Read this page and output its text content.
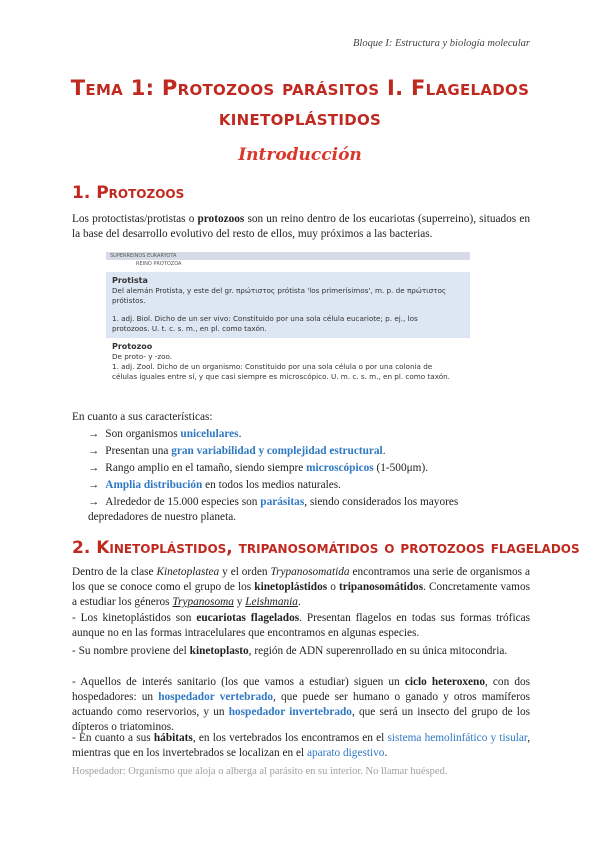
Bloque I: Estructura y biología molecular
Tema 1: Protozoos parásitos I. Flagelados
kinetoplástidos
Introducción
1. Protozoos
Los protoctistas/protistas o protozoos son un reino dentro de los eucariotas (superreino), situados en la base del desarrollo evolutivo del resto de ellos, muy próximos a las bacterias.
SUPERREINOS EUKARYOTA
REINO PROTOZOA
Protista
Del alemán Protista, y este del gr. πρώτιστος prótista 'los primerísimos', m. p. de πρώτιστος
prótistos.
1. adj. Biol. Dicho de un ser vivo: Constituido por una sola célula eucariote; p. ej., los
protozoos. U. t. c. s. m., en pl. como taxón.
Protozoo
De proto- y -zoo.
1. adj. Zool. Dicho de un organismo: Constituido por una sola célula o por una colonia de
células iguales entre sí, y que casi siempre es microscópico. U. m. c. s. m., en pl. como taxón.
En cuanto a sus características:
→ Son organismos unicelulares.
→ Presentan una gran variabilidad y complejidad estructural.
→ Rango amplio en el tamaño, siendo siempre microscópicos (1-500μm).
→ Amplia distribución en todos los medios naturales.
→ Alrededor de 15.000 especies son parásitas, siendo considerados los mayores
depredadores de nuestro planeta.
2. Kinetoplástidos, tripanosomátidos o protozoos flagelados
Dentro de la clase Kinetoplastea y el orden Trypanosomatida encontramos una serie de organismos a los que se conoce como el grupo de los kinetoplástidos o tripanosomátidos. Concretamente vamos a estudiar los géneros Trypanosoma y Leishmania.
- Los kinetoplástidos son eucariotas flagelados. Presentan flagelos en todas sus formas tróficas aunque no en las formas intracelulares que encontramos en algunas especies.
- Su nombre proviene del kinetoplasto, región de ADN superenrollado en su única mitocondria.
- Aquellos de interés sanitario (los que vamos a estudiar) siguen un ciclo heteroxeno, con dos hospedadores: un hospedador vertebrado, que puede ser humano o ganado y otros mamíferos actuando como reservorios, y un hospedador invertebrado, que será un insecto del grupo de los dípteros o triatominos.
- En cuanto a sus hábitats, en los vertebrados los encontramos en el sistema hemolinfático y tisular, mientras que en los invertebrados se localizan en el aparato digestivo.
Hospedador: Organismo que aloja o alberga al parásito en su interior. No llamar huésped.
